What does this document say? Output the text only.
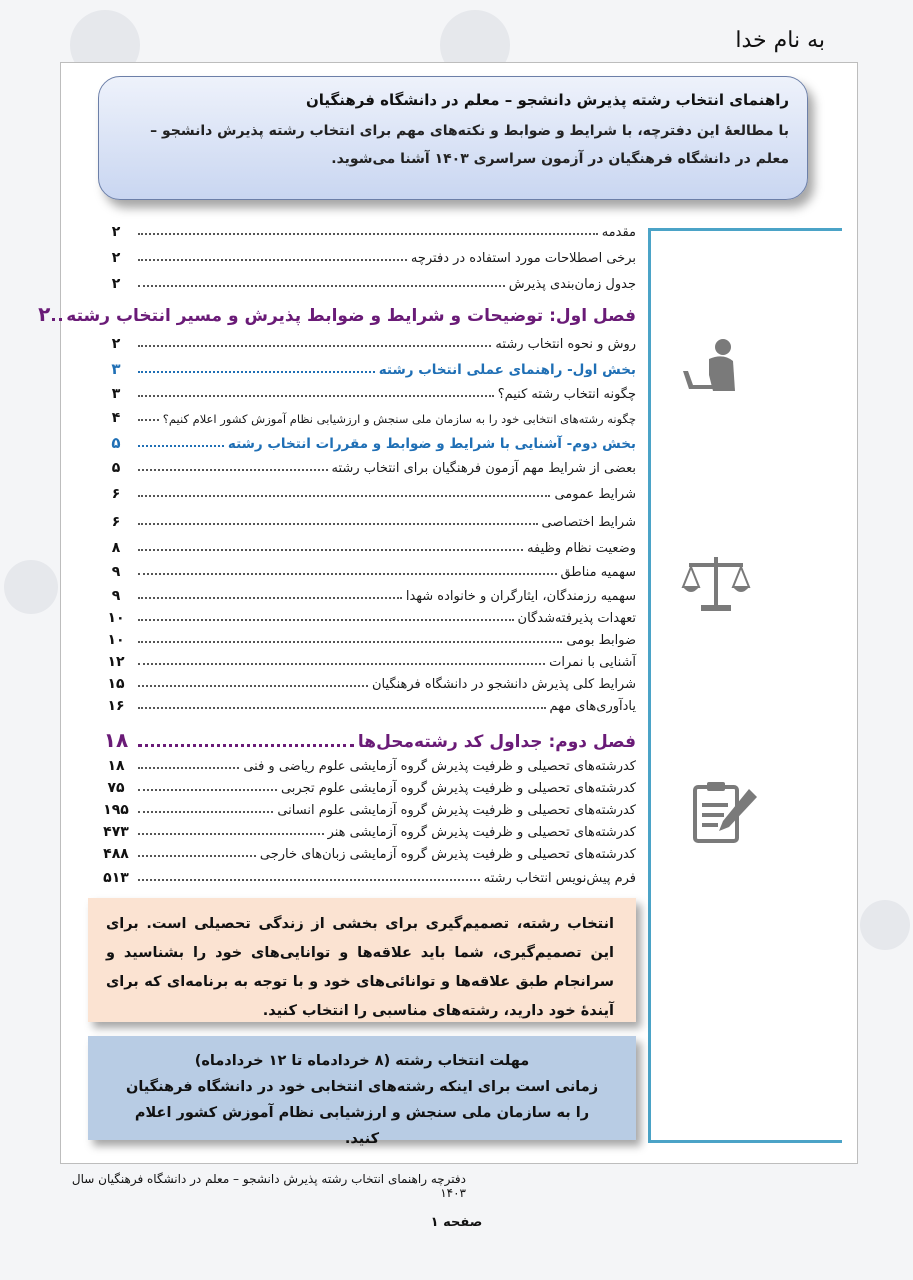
به نام خدا
راهنمای انتخاب رشته پذیرش دانشجو – معلم در دانشگاه فرهنگیان
با مطالعۀ این دفترچه، با شرایط و ضوابط و نکته‌های مهم برای انتخاب رشته پذیرش دانشجو – معلم در دانشگاه فرهنگیان در آزمون سراسری ۱۴۰۳ آشنا می‌شوید.
مقدمه
۲
برخی اصطلاحات مورد استفاده در دفترچه
۲
جدول زمان‌بندی پذیرش
۲
فصل اول: توضیحات و شرایط و ضوابط پذیرش و مسیر انتخاب رشته
۲
روش و نحوه انتخاب رشته
۲
بخش اول- راهنمای عملی انتخاب رشته
۳
چگونه انتخاب رشته کنیم؟
۳
چگونه رشته‌های انتخابی خود را به سازمان ملی سنجش و ارزشیابی نظام آموزش کشور اعلام کنیم؟
۴
بخش دوم- آشنایی با شرایط و ضوابط و مقررات انتخاب رشته
۵
بعضی از شرایط مهم آزمون فرهنگیان برای انتخاب رشته
۵
شرایط عمومی
۶
شرایط اختصاصی
۶
وضعیت نظام وظیفه
۸
سهمیه مناطق
۹
سهمیه رزمندگان، ایثارگران و خانواده شهدا
۹
تعهدات پذیرفته‌شدگان
۱۰
ضوابط بومی
۱۰
آشنایی با نمرات
۱۲
شرایط کلی پذیرش دانشجو در دانشگاه فرهنگیان
۱۵
یادآوری‌های مهم
۱۶
فصل دوم: جداول کد رشته‌محل‌ها
۱۸
کدرشته‌های تحصیلی و ظرفیت پذیرش گروه آزمایشی علوم ریاضی و فنی
۱۸
کدرشته‌های تحصیلی و ظرفیت پذیرش گروه آزمایشی علوم تجربی
۷۵
کدرشته‌های تحصیلی و ظرفیت پذیرش گروه آزمایشی علوم انسانی
۱۹۵
کدرشته‌های تحصیلی و ظرفیت پذیرش گروه آزمایشی هنر
۴۷۳
کدرشته‌های تحصیلی و ظرفیت پذیرش گروه آزمایشی زبان‌های خارجی
۴۸۸
فرم پیش‌نویس انتخاب رشته
۵۱۳
انتخاب رشته، تصمیم‌گیری برای بخشی از زندگی تحصیلی است. برای این تصمیم‌گیری، شما باید علاقه‌ها و توانایی‌های خود را بشناسید و سرانجام طبق علاقه‌ها و توانائی‌های خود و با توجه به برنامه‌ای که برای آیندۀ خود دارید، رشته‌های مناسبی را انتخاب کنید.
مهلت انتخاب رشته (۸ خردادماه تا ۱۲ خردادماه)
زمانی است برای اینکه رشته‌های انتخابی خود در دانشگاه فرهنگیان را به سازمان ملی سنجش و ارزشیابی نظام آموزش کشور اعلام کنید.
دفترچه راهنمای انتخاب رشته پذیرش دانشجو – معلم در دانشگاه فرهنگیان سال ۱۴۰۳
صفحه ۱
